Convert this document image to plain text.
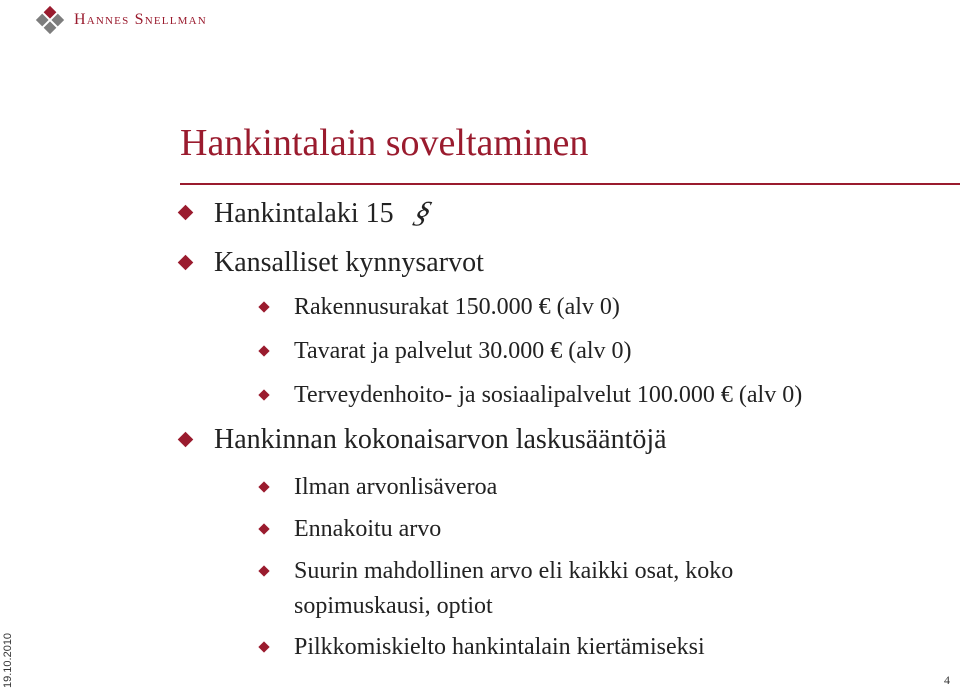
Hannes Snellman
Hankintalain soveltaminen
Hankintalaki 15 §
Kansalliset kynnysarvot
Rakennusurakat 150.000 € (alv 0)
Tavarat ja palvelut 30.000 € (alv 0)
Terveydenhoito- ja sosiaalipalvelut 100.000 € (alv 0)
Hankinnan kokonaisarvon laskusääntöjä
Ilman arvonlisäveroa
Ennakoitu arvo
Suurin mahdollinen arvo eli kaikki osat, koko
sopimuskausi, optiot
Pilkkomiskielto hankintalain kiertämiseksi
19.10.2010	4
